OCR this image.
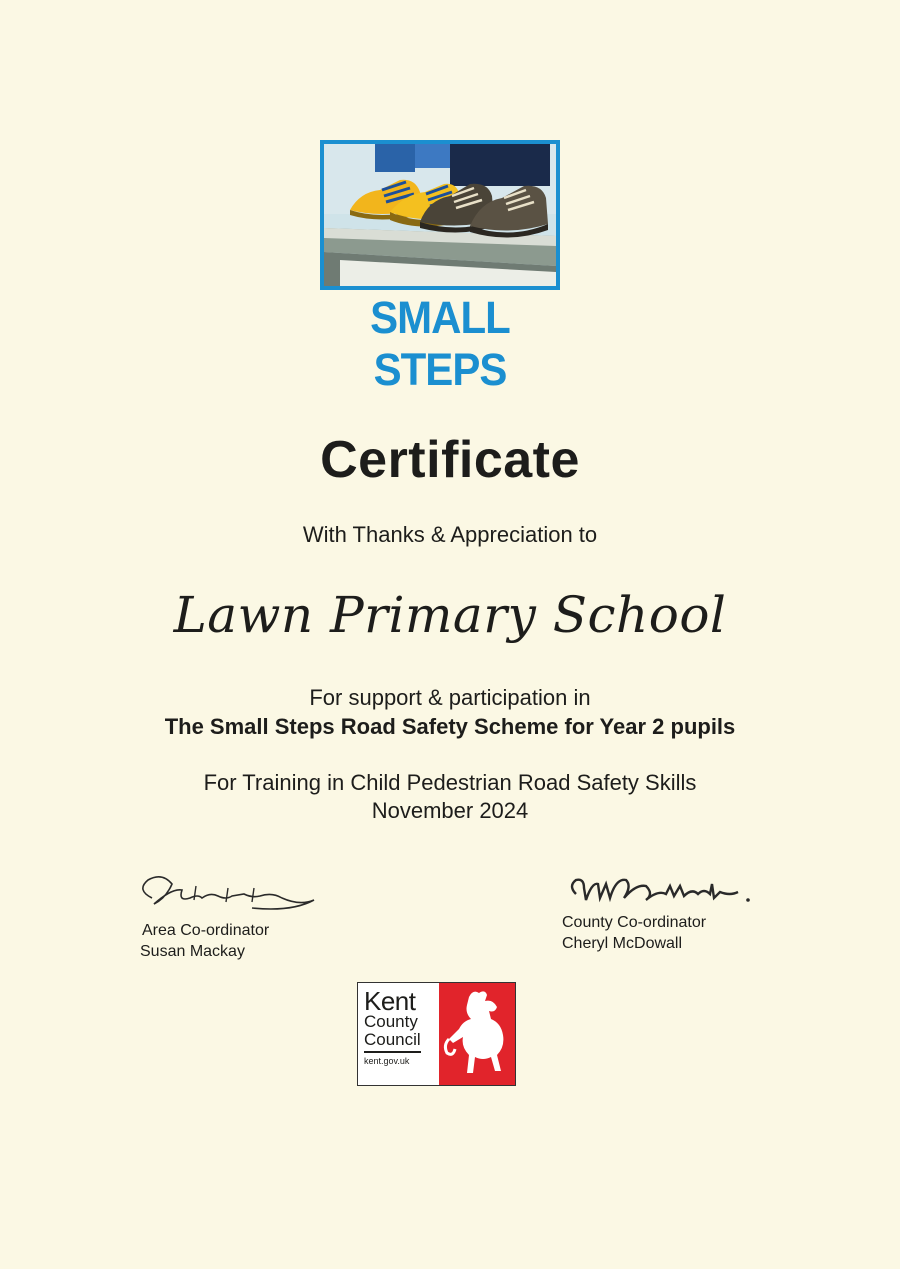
SMALL STEPS
Certificate
With Thanks & Appreciation to
Lawn Primary School
For support & participation in
The Small Steps Road Safety Scheme for Year 2 pupils
For Training in Child Pedestrian Road Safety Skills
November 2024
Area Co-ordinator
Susan Mackay
County Co-ordinator
Cheryl McDowall
Kent
County
Council
kent.gov.uk
